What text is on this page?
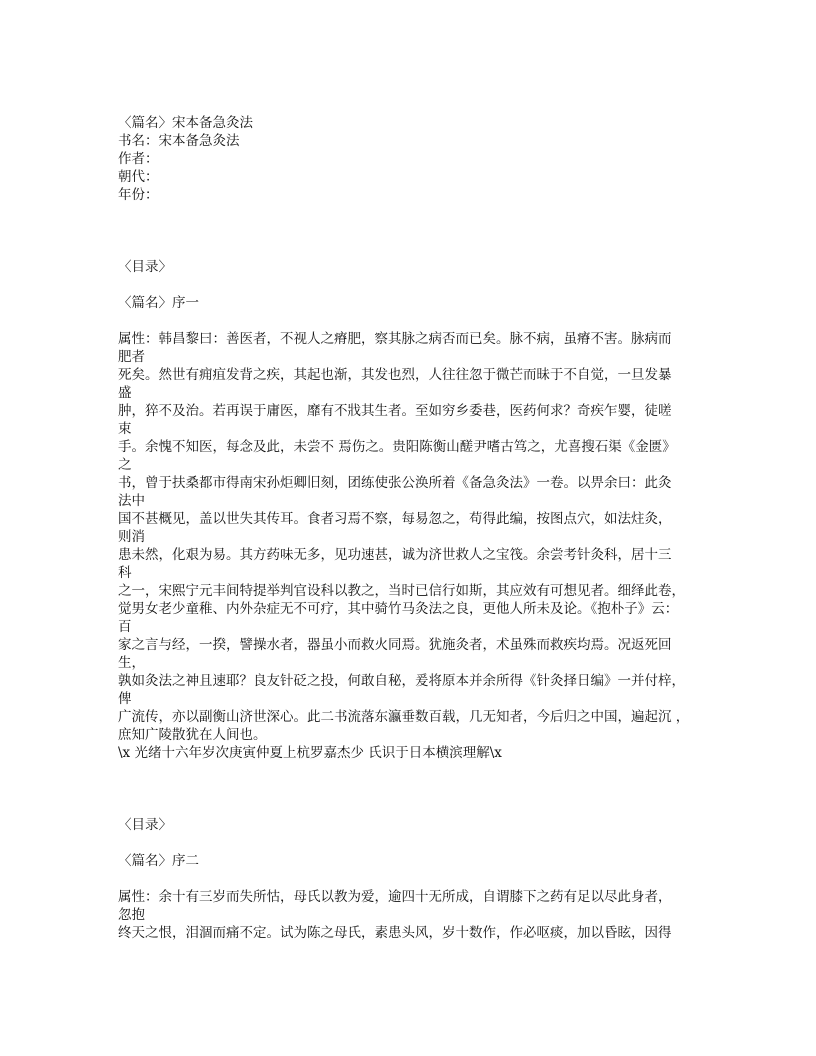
〈篇名〉宋本备急灸法
书名：宋本备急灸法
作者：
朝代：
年份：
〈目录〉
〈篇名〉序一
属性：韩昌黎曰：善医者，不视人之瘠肥，察其脉之病否而已矣。脉不病，虽瘠不害。脉病而
肥者
死矣。然世有痈疽发背之疾，其起也渐，其发也烈，人往往忽于微芒而昧于不自觉，一旦发暴
盛
肿，猝不及治。若再误于庸医，靡有不戕其生者。至如穷乡委巷，医药何求？奇疾乍婴，徒嗟
束
手。余愧不知医，每念及此，未尝不 焉伤之。贵阳陈衡山醝尹嗜古笃之，尤喜搜石渠《金匮》
之
书，曾于扶桑都市得南宋孙炬卿旧刻，团练使张公涣所着《备急灸法》一卷。以畀余曰：此灸
法中
国不甚概见，盖以世失其传耳。食者习焉不察，每易忽之，苟得此编，按图点穴，如法炷灸，
则消
患未然，化艰为易。其方药味无多，见功速甚，诚为济世救人之宝筏。余尝考针灸科，居十三
科
之一，宋熙宁元丰间特提举判官设科以教之，当时已信行如斯，其应效有可想见者。细绎此卷，
觉男女老少童稚、内外杂症无不可疗，其中骑竹马灸法之良，更他人所未及论。《抱朴子》云：
百
家之言与经，一揆，譬操水者，器虽小而救火同焉。犹施灸者，术虽殊而救疾均焉。况返死回
生，
孰如灸法之神且速耶？良友针砭之投，何敢自秘，爰将原本并余所得《针灸择日编》一并付梓，
俾
广流传，亦以副衡山济世深心。此二书流落东瀛垂数百载，几无知者，今后归之中国，遍起沉 ，
庶知广陵散犹在人间也。
\x 光绪十六年岁次庚寅仲夏上杭罗嘉杰少 氏识于日本横滨理解\x
〈目录〉
〈篇名〉序二
属性：余十有三岁而失所怙，母氏以教为爱，逾四十无所成，自谓膝下之药有足以尽此身者，
忽抱
终天之恨，泪涸而痛不定。试为陈之母氏，素患头风，岁十数作，作必呕痰，加以昏眩，因得
